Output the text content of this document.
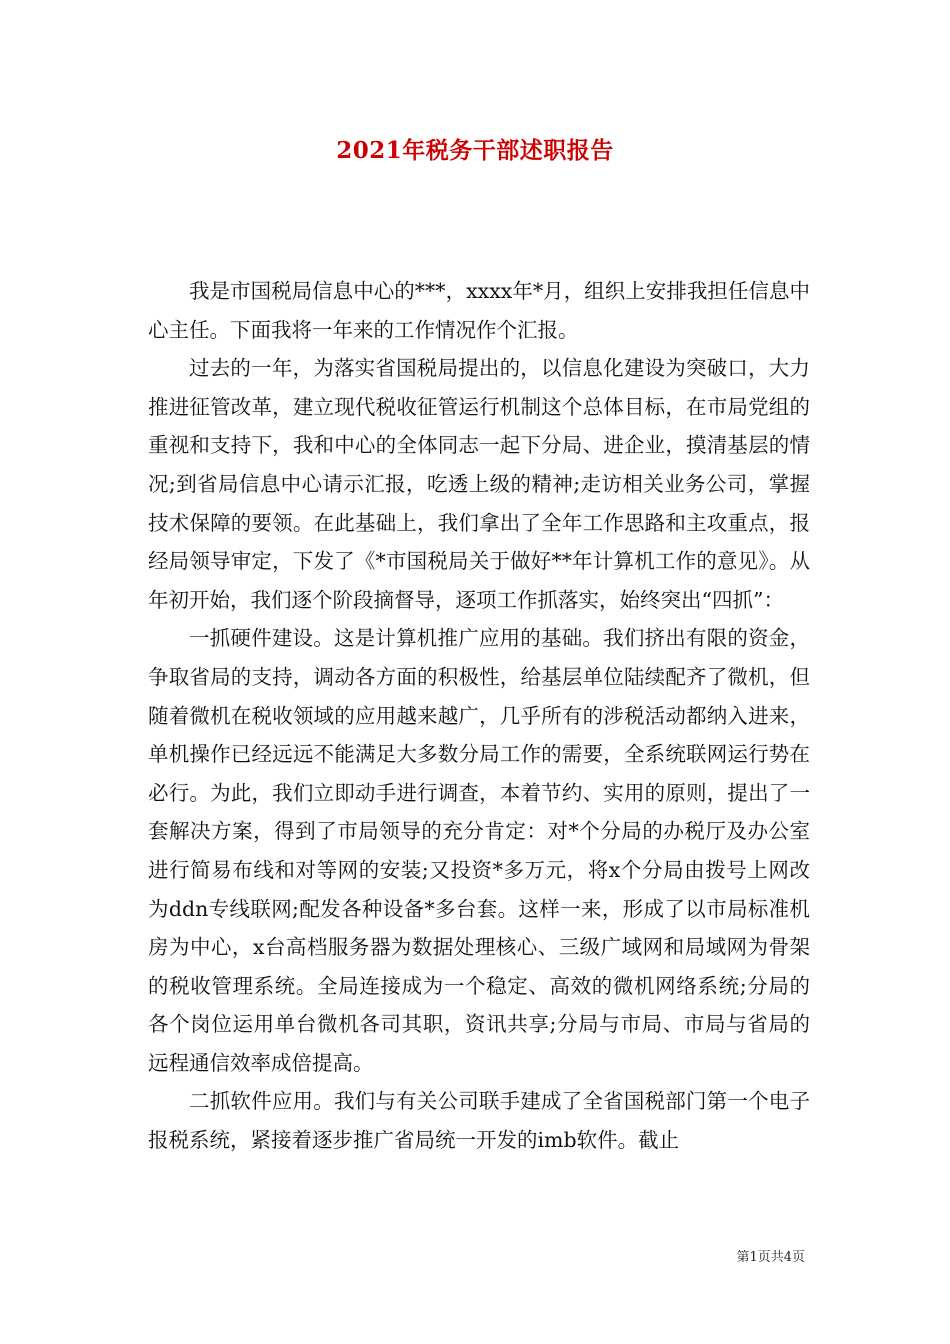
2021年税务干部述职报告

我是市国税局信息中心的***，xxxx年*月，组织上安排我担任信息中心主任。下面我将一年来的工作情况作个汇报。

过去的一年，为落实省国税局提出的，以信息化建设为突破口，大力推进征管改革，建立现代税收征管运行机制这个总体目标，在市局党组的重视和支持下，我和中心的全体同志一起下分局、进企业，摸清基层的情况;到省局信息中心请示汇报，吃透上级的精神;走访相关业务公司，掌握技术保障的要领。在此基础上，我们拿出了全年工作思路和主攻重点，报经局领导审定，下发了《*市国税局关于做好**年计算机工作的意见》。从年初开始，我们逐个阶段摘督导，逐项工作抓落实，始终突出“四抓”：

一抓硬件建设。这是计算机推广应用的基础。我们挤出有限的资金，争取省局的支持，调动各方面的积极性，给基层单位陆续配齐了微机，但随着微机在税收领域的应用越来越广，几乎所有的涉税活动都纳入进来，单机操作已经远远不能满足大多数分局工作的需要，全系统联网运行势在必行。为此，我们立即动手进行调查，本着节约、实用的原则，提出了一套解决方案，得到了市局领导的充分肯定：对*个分局的办税厅及办公室进行简易布线和对等网的安装;又投资*多万元，将x个分局由拨号上网改为ddn专线联网;配发各种设备*多台套。这样一来，形成了以市局标准机房为中心，x台高档服务器为数据处理核心、三级广域网和局域网为骨架的税收管理系统。全局连接成为一个稳定、高效的微机网络系统;分局的各个岗位运用单台微机各司其职，资讯共享;分局与市局、市局与省局的远程通信效率成倍提高。

二抓软件应用。我们与有关公司联手建成了全省国税部门第一个电子报税系统，紧接着逐步推广省局统一开发的imb软件。截止

第1页共4页
